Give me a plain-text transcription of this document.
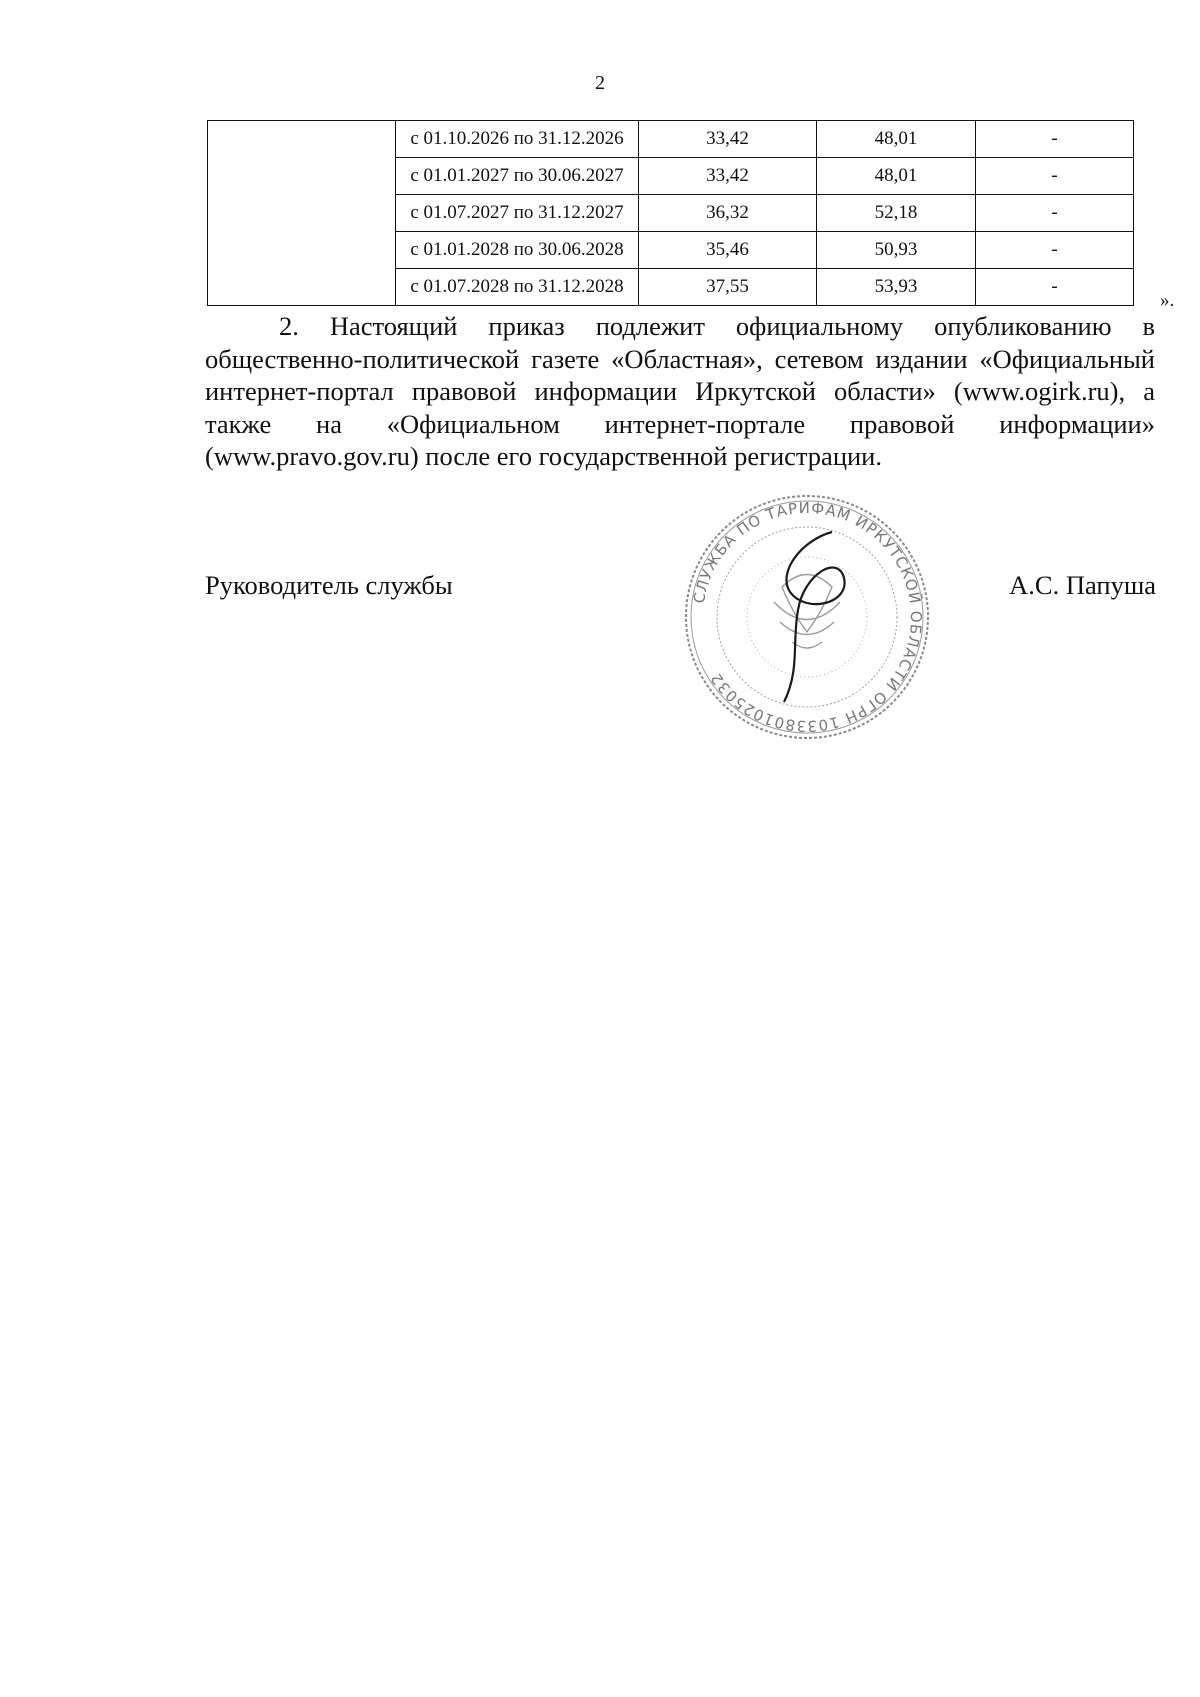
2
	с 01.10.2026 по 31.12.2026	33,42	48,01	-
	с 01.01.2027 по 30.06.2027	33,42	48,01	-
	с 01.07.2027 по 31.12.2027	36,32	52,18	-
	с 01.01.2028 по 30.06.2028	35,46	50,93	-
	с 01.07.2028 по 31.12.2028	37,55	53,93	-
».

2. Настоящий приказ подлежит официальному опубликованию в общественно-политической газете «Областная», сетевом издании «Официальный интернет-портал правовой информации Иркутской области» (www.ogirk.ru), а также на «Официальном интернет-портале правовой информации» (www.pravo.gov.ru) после его государственной регистрации.

Руководитель службы	СЛУЖБА ПО ТАРИФАМ ИРКУТСКОЙ ОБЛАСТИ ОГРН 1033801025032
А.С. Папуша
